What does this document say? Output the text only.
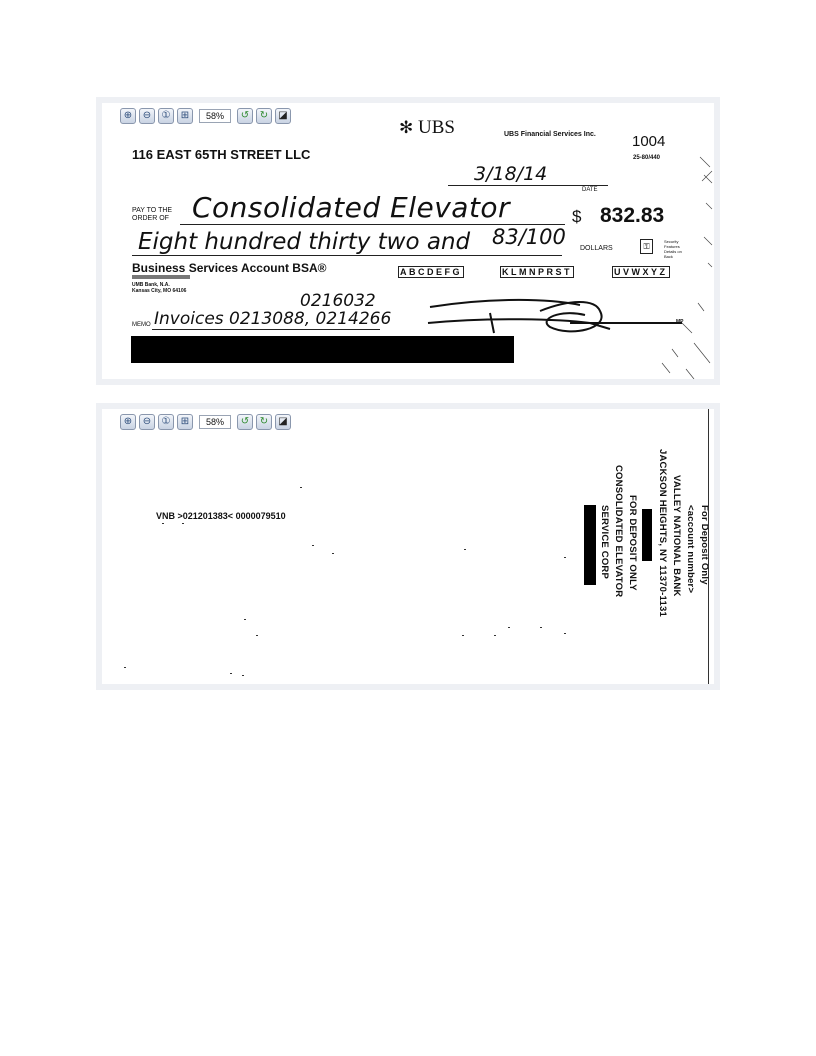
⊕	⊖	①	⊞	58%	↺	↻	◪
116 EAST 65TH STREET LLC
✻ UBS	UBS Financial Services Inc. 1004
25-80/440
3/18/14
DATE
PAY TO THE
ORDER OF Consolidated Elevator	$ 832.83
Eight hundred thirty two and 83/100 DOLLARS	⚿
Security Features Details on Back
Business Services Account BSA®
UMB Bank, N.A.
Kansas City, MO 64106
ABCDEFG	KLMNPRST	UVWXYZ
0216032
MEMO Invoices 0213088, 0214266	MP
⊕	⊖	①	⊞	58%	↺	↻	◪
VNB >021201383< 0000079510	For Deposit Only
<account number>
VALLEY NATIONAL BANK
JACKSON HEIGHTS, NY 11370-1131
FOR DEPOSIT ONLY
CONSOLIDATED ELEVATOR
SERVICE CORP
